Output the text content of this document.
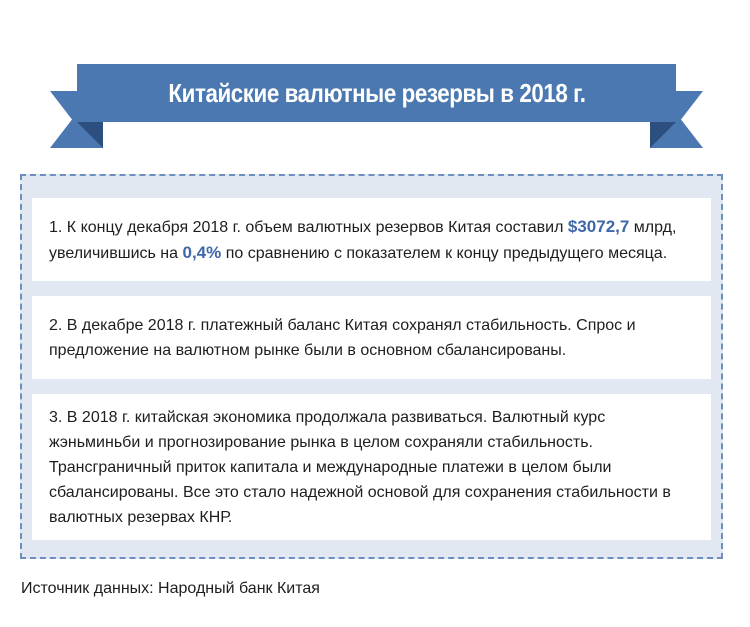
Китайские валютные резервы в 2018 г.
1. К концу декабря 2018 г. объем валютных резервов Китая составил $3072,7 млрд, увеличившись на 0,4% по сравнению с показателем к концу предыдущего месяца.
2. В декабре 2018 г. платежный баланс Китая сохранял стабильность. Спрос и предложение на валютном рынке были в основном сбалансированы.
3. В 2018 г. китайская экономика продолжала развиваться. Валютный курс жэньминьби и прогнозирование рынка в целом сохраняли стабильность. Трансграничный приток капитала и международные платежи в целом были сбалансированы. Все это стало надежной основой для сохранения стабильности в валютных резервах КНР.
Источник данных: Народный банк Китая
